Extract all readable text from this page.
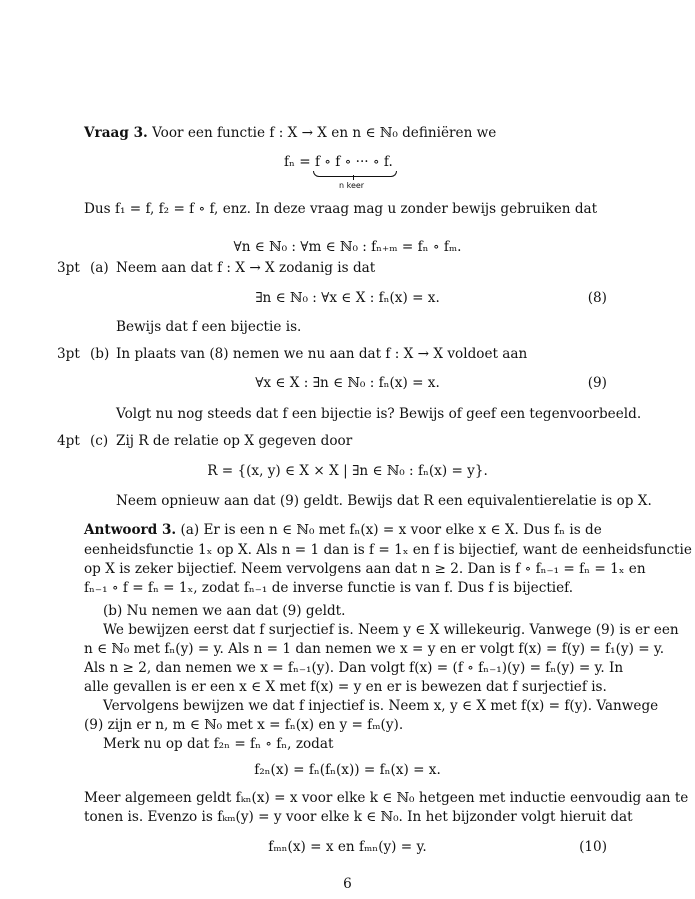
Vraag 3. Voor een functie f : X → X en n ∈ ℕ₀ definiëren we
fₙ = f ∘ f ∘ ··· ∘ f.
n keer
Dus f₁ = f, f₂ = f ∘ f, enz. In deze vraag mag u zonder bewijs gebruiken dat
∀n ∈ ℕ₀ : ∀m ∈ ℕ₀ : fₙ₊ₘ = fₙ ∘ fₘ.
3pt (a) Neem aan dat f : X → X zodanig is dat
∃n ∈ ℕ₀ : ∀x ∈ X : fₙ(x) = x.	(8)
Bewijs dat f een bijectie is.
3pt (b) In plaats van (8) nemen we nu aan dat f : X → X voldoet aan
∀x ∈ X : ∃n ∈ ℕ₀ : fₙ(x) = x.	(9)
Volgt nu nog steeds dat f een bijectie is? Bewijs of geef een tegenvoorbeeld.
4pt (c) Zij R de relatie op X gegeven door
R = {(x, y) ∈ X × X | ∃n ∈ ℕ₀ : fₙ(x) = y}.
Neem opnieuw aan dat (9) geldt. Bewijs dat R een equivalentierelatie is op X.
Antwoord 3. (a) Er is een n ∈ ℕ₀ met fₙ(x) = x voor elke x ∈ X. Dus fₙ is de
eenheidsfunctie 1ₓ op X. Als n = 1 dan is f = 1ₓ en f is bijectief, want de eenheidsfunctie
op X is zeker bijectief. Neem vervolgens aan dat n ≥ 2. Dan is f ∘ fₙ₋₁ = fₙ = 1ₓ en
fₙ₋₁ ∘ f = fₙ = 1ₓ, zodat fₙ₋₁ de inverse functie is van f. Dus f is bijectief.
(b) Nu nemen we aan dat (9) geldt.
We bewijzen eerst dat f surjectief is. Neem y ∈ X willekeurig. Vanwege (9) is er een
n ∈ ℕ₀ met fₙ(y) = y. Als n = 1 dan nemen we x = y en er volgt f(x) = f(y) = f₁(y) = y.
Als n ≥ 2, dan nemen we x = fₙ₋₁(y). Dan volgt f(x) = (f ∘ fₙ₋₁)(y) = fₙ(y) = y. In
alle gevallen is er een x ∈ X met f(x) = y en er is bewezen dat f surjectief is.
Vervolgens bewijzen we dat f injectief is. Neem x, y ∈ X met f(x) = f(y). Vanwege
(9) zijn er n, m ∈ ℕ₀ met x = fₙ(x) en y = fₘ(y).
Merk nu op dat f₂ₙ = fₙ ∘ fₙ, zodat
f₂ₙ(x) = fₙ(fₙ(x)) = fₙ(x) = x.
Meer algemeen geldt fₖₙ(x) = x voor elke k ∈ ℕ₀ hetgeen met inductie eenvoudig aan te
tonen is. Evenzo is fₖₘ(y) = y voor elke k ∈ ℕ₀. In het bijzonder volgt hieruit dat
fₘₙ(x) = x en fₘₙ(y) = y.	(10)
6
